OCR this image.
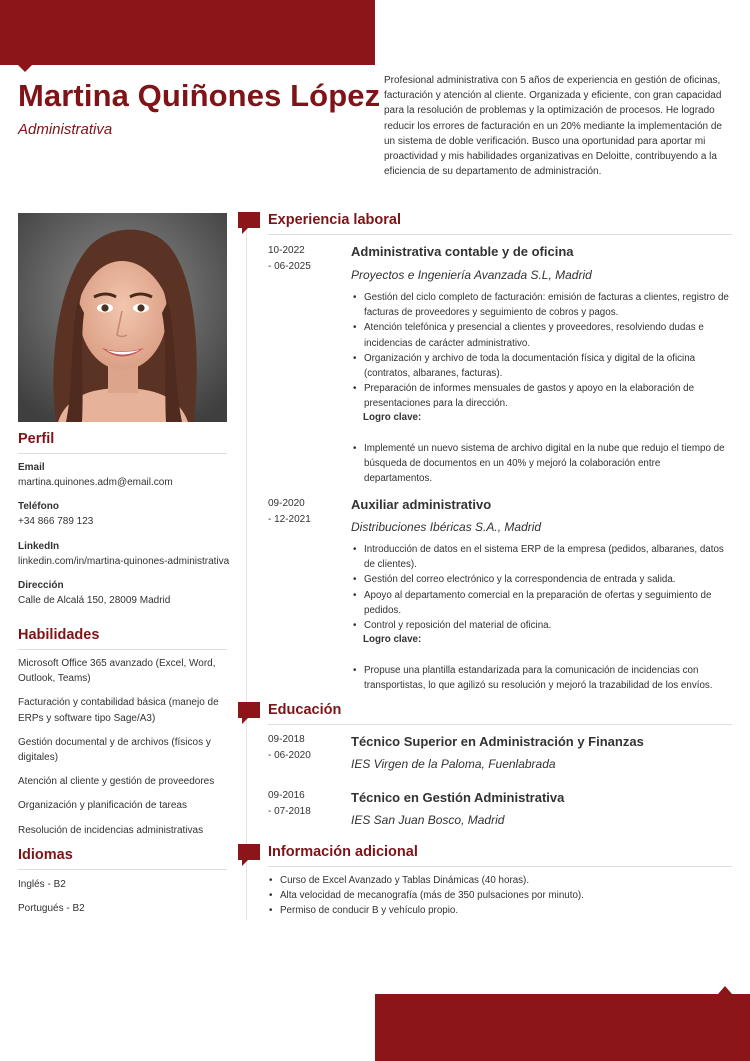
Martina Quiñones López
Administrativa

Profesional administrativa con 5 años de experiencia en gestión de oficinas, facturación y atención al cliente. Organizada y eficiente, con gran capacidad para la resolución de problemas y la optimización de procesos. He logrado reducir los errores de facturación en un 20% mediante la implementación de un sistema de doble verificación. Busco una oportunidad para aportar mi proactividad y mis habilidades organizativas en Deloitte, contribuyendo a la eficiencia de su departamento de administración.

Perfil
Email
martina.quinones.adm@email.com
Teléfono
+34 866 789 123
LinkedIn
linkedin.com/in/martina-quinones-administrativa
Dirección
Calle de Alcalá 150, 28009 Madrid
Habilidades
Microsoft Office 365 avanzado (Excel, Word, Outlook, Teams)
Facturación y contabilidad básica (manejo de ERPs y software tipo Sage/A3)
Gestión documental y de archivos (físicos y digitales)
Atención al cliente y gestión de proveedores
Organización y planificación de tareas
Resolución de incidencias administrativas
Idiomas
Inglés - B2
Portugués - B2
Experiencia laboral
10-2022
- 06-2025
Administrativa contable y de oficina
Proyectos e Ingeniería Avanzada S.L, Madrid
• Gestión del ciclo completo de facturación: emisión de facturas a clientes, registro de facturas de proveedores y seguimiento de cobros y pagos.
• Atención telefónica y presencial a clientes y proveedores, resolviendo dudas e incidencias de carácter administrativo.
• Organización y archivo de toda la documentación física y digital de la oficina (contratos, albaranes, facturas).
• Preparación de informes mensuales de gastos y apoyo en la elaboración de presentaciones para la dirección.
Logro clave:
• Implementé un nuevo sistema de archivo digital en la nube que redujo el tiempo de búsqueda de documentos en un 40% y mejoró la colaboración entre departamentos.
09-2020
- 12-2021
Auxiliar administrativo
Distribuciones Ibéricas S.A., Madrid
• Introducción de datos en el sistema ERP de la empresa (pedidos, albaranes, datos de clientes).
• Gestión del correo electrónico y la correspondencia de entrada y salida.
• Apoyo al departamento comercial en la preparación de ofertas y seguimiento de pedidos.
• Control y reposición del material de oficina.
Logro clave:
• Propuse una plantilla estandarizada para la comunicación de incidencias con transportistas, lo que agilizó su resolución y mejoró la trazabilidad de los envíos.
Educación
09-2018
- 06-2020
Técnico Superior en Administración y Finanzas
IES Virgen de la Paloma, Fuenlabrada
09-2016
- 07-2018
Técnico en Gestión Administrativa
IES San Juan Bosco, Madrid
Información adicional
• Curso de Excel Avanzado y Tablas Dinámicas (40 horas).
• Alta velocidad de mecanografía (más de 350 pulsaciones por minuto).
• Permiso de conducir B y vehículo propio.
